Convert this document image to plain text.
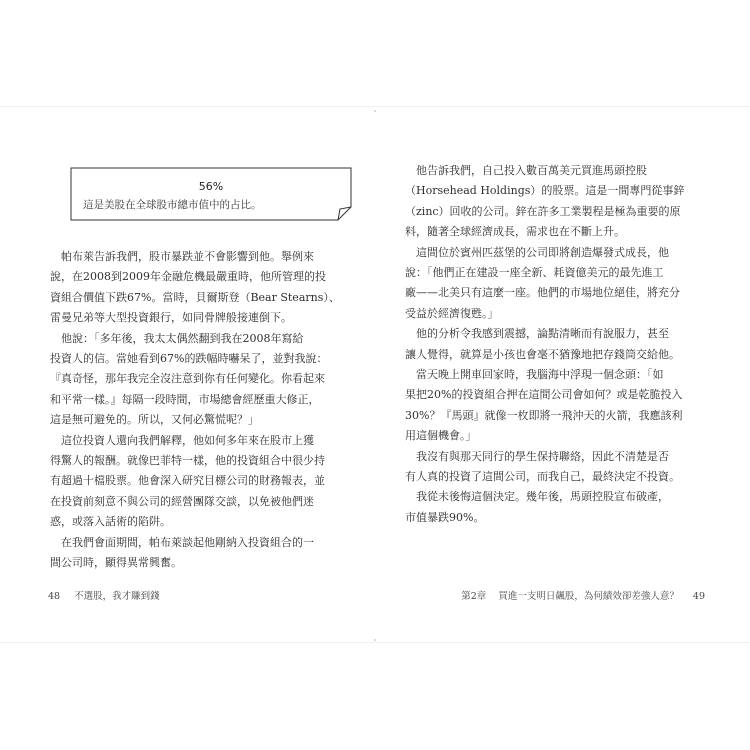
56%
這是美股在全球股市總市值中的占比。
　帕布萊告訴我們，股市暴跌並不會影響到他。舉例來
說，在2008到2009年金融危機最嚴重時，他所管理的投
資組合價值下跌67%。當時，貝爾斯登（Bear Stearns）、
雷曼兄弟等大型投資銀行，如同骨牌般接連倒下。
　他說：「多年後，我太太偶然翻到我在2008年寫給
投資人的信。當她看到67%的跌幅時嚇呆了，並對我說：
『真奇怪，那年我完全沒注意到你有任何變化。你看起來
和平常一樣。』每隔一段時間，市場總會經歷重大修正，
這是無可避免的。所以，又何必驚慌呢？」
　這位投資人還向我們解釋，他如何多年來在股市上獲
得驚人的報酬。就像巴菲特一樣，他的投資組合中很少持
有超過十檔股票。他會深入研究目標公司的財務報表，並
在投資前刻意不與公司的經營團隊交談，以免被他們迷
惑，或落入話術的陷阱。
　在我們會面期間，帕布萊談起他剛納入投資組合的一
間公司時，顯得異常興奮。
48 不選股，我才賺到錢
　他告訴我們，自己投入數百萬美元買進馬頭控股
（Horsehead Holdings）的股票。這是一間專門從事鋅
（zinc）回收的公司。鋅在許多工業製程是極為重要的原
料，隨著全球經濟成長，需求也在不斷上升。
　這間位於賓州匹茲堡的公司即將創造爆發式成長，他
說：「他們正在建設一座全新、耗資億美元的最先進工
廠——北美只有這麼一座。他們的市場地位絕佳，將充分
受益於經濟復甦。」
　他的分析令我感到震撼，論點清晰而有說服力，甚至
讓人覺得，就算是小孩也會毫不猶豫地把存錢筒交給他。
　當天晚上開車回家時，我腦海中浮現一個念頭：「如
果把20%的投資組合押在這間公司會如何？或是乾脆投入
30%？『馬頭』就像一枚即將一飛沖天的火箭，我應該利
用這個機會。」
　我沒有與那天同行的學生保持聯絡，因此不清楚是否
有人真的投資了這間公司，而我自己，最終決定不投資。
　我從未後悔這個決定。幾年後，馬頭控股宣布破產，
市值暴跌90%。
第2章 買進一支明日飆股，為何績效卻差強人意？ 49
